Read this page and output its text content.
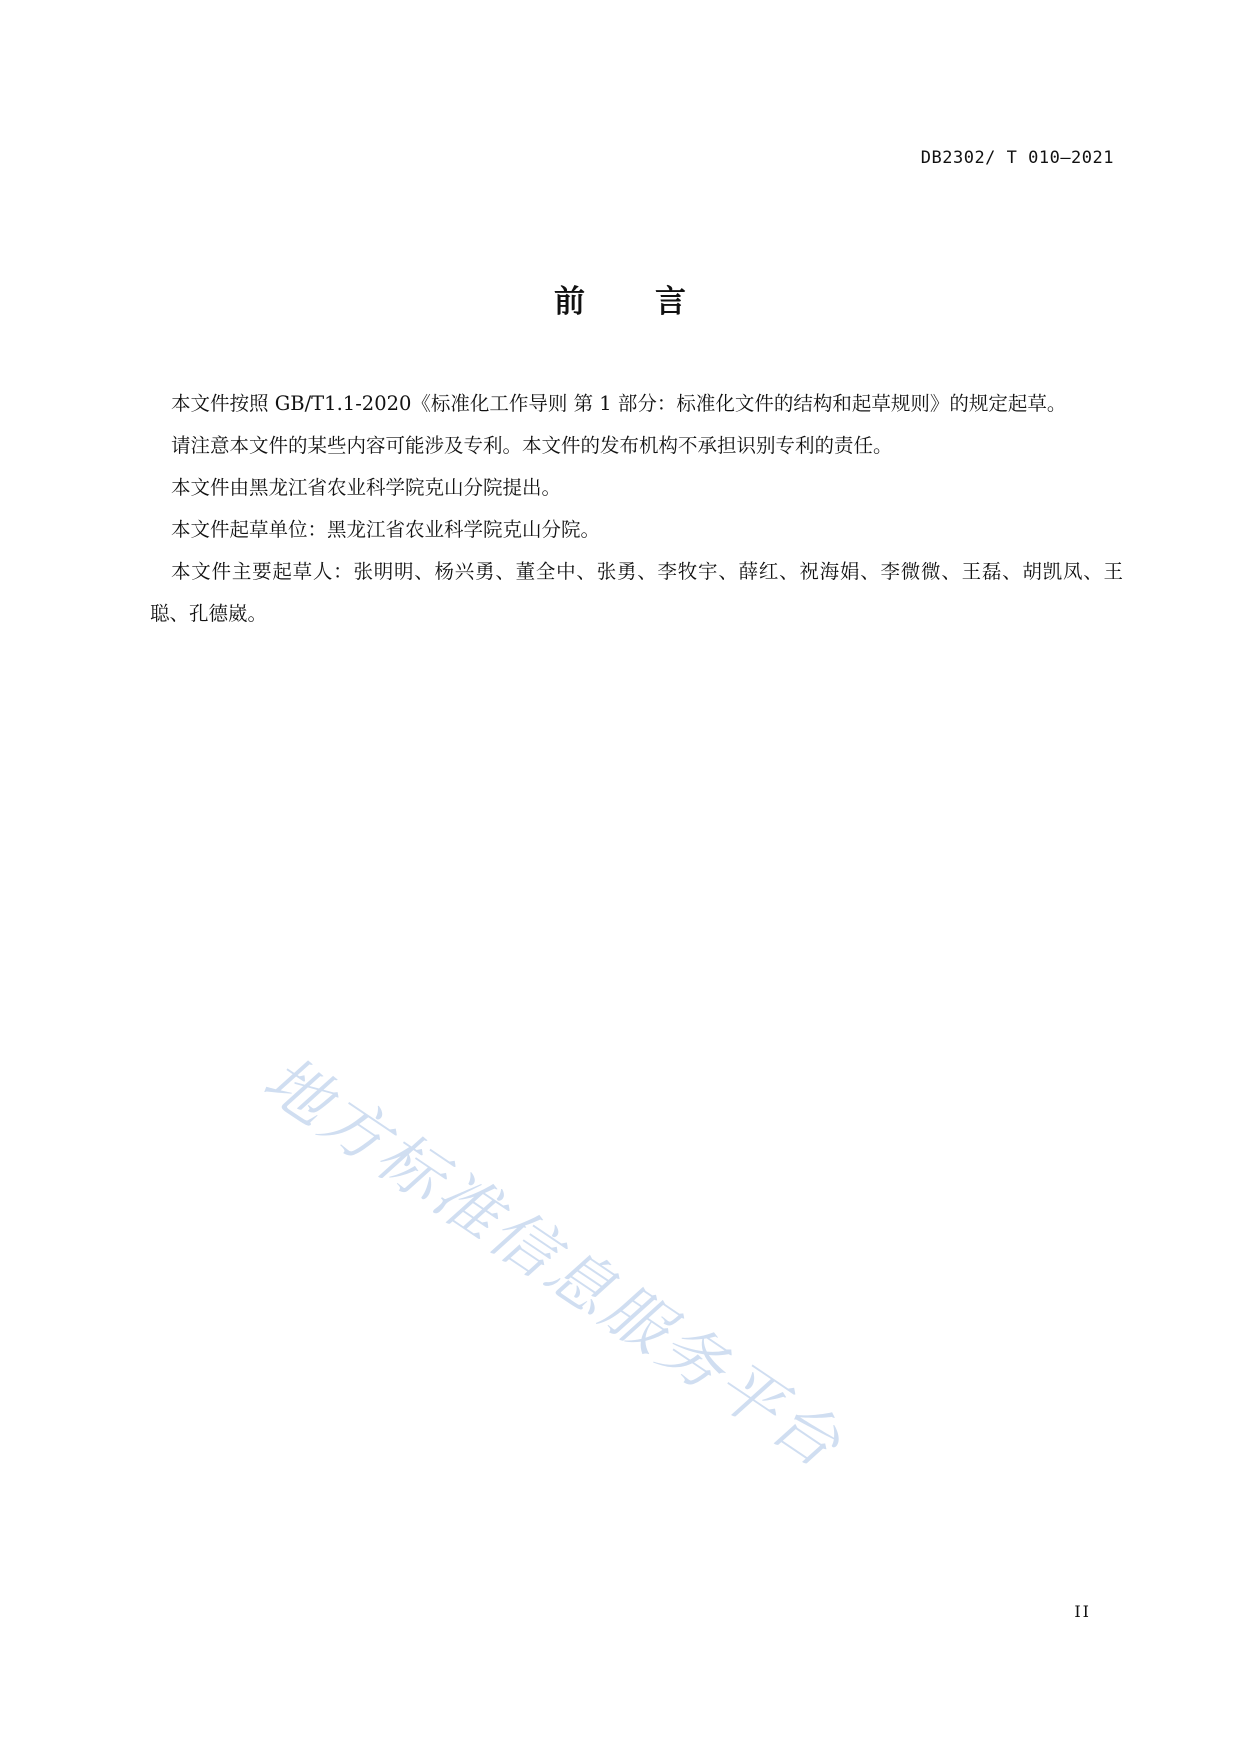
DB2302/ T 010—2021
前 言

本文件按照 GB/T1.1-2020《标准化工作导则 第 1 部分：标准化文件的结构和起草规则》的规定起草。

请注意本文件的某些内容可能涉及专利。本文件的发布机构不承担识别专利的责任。

本文件由黑龙江省农业科学院克山分院提出。

本文件起草单位：黑龙江省农业科学院克山分院。

本文件主要起草人：张明明、杨兴勇、董全中、张勇、李牧宇、薛红、祝海娟、李微微、王磊、胡凯凤、王聪、孔德崴。

地方标准信息服务平台
II
